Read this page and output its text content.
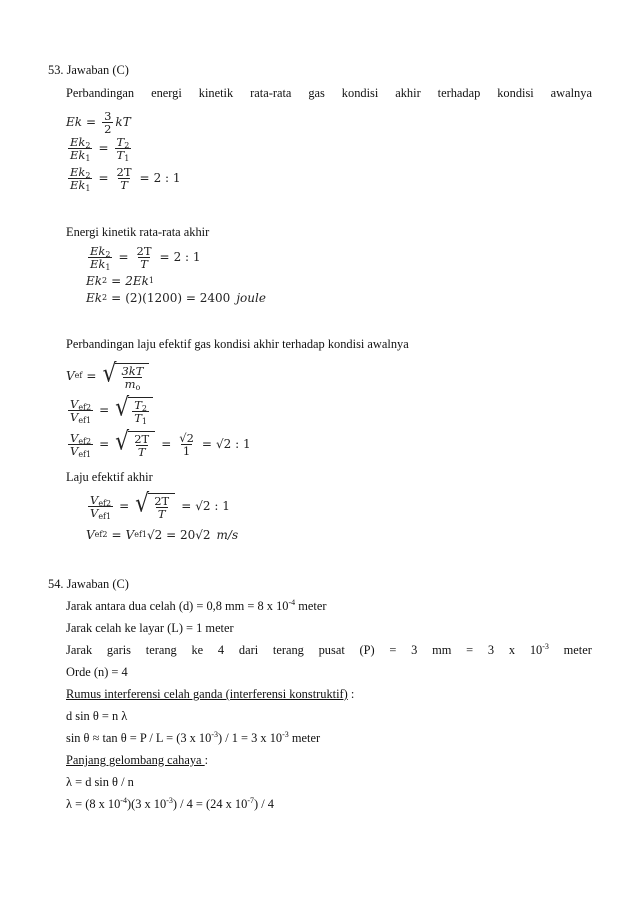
53. Jawaban (C)
Perbandingan energi kinetik rata-rata gas kondisi akhir terhadap kondisi awalnya
$Ek = \frac{3}{2}$ kT
$\frac{Ek_2}{Ek_1} = \frac{T_2}{T_1}$
$\frac{Ek_2}{Ek_1} = \frac{2T}{T} = 2$ : 1
Energi kinetik rata-rata akhir
$\frac{Ek_2}{Ek_1} = \frac{2T}{T} = 2$ : 1
Ek 2 = 2Ek 1
Ek 2 = (2)(1200) = 2400 joule
Perbandingan laju efektif gas kondisi akhir terhadap kondisi awalnya
V ef = √ $\frac{3kT}{m_o}$
$\frac{V_{ef2}}{V_{ef1}}$ = √ $\frac{T_2}{T_1}$
$\frac{V_{ef2}}{V_{ef1}}$ = √ $\frac{2T}{T} = \frac{√2}{1} = √2$ : 1
Laju efektif akhir
$\frac{V_{ef2}}{V_{ef1}}$ = √ $\frac{2T}{T} = √2$ : 1
V ef2 = V ef1 √2 = 20√2 m/s
54. Jawaban (C)
Jarak antara dua celah (d) = 0,8 mm = 8 x $10^{-4}$ meter
Jarak celah ke layar (L) = 1 meter
Jarak garis terang ke 4 dari terang pusat (P) = 3 mm = 3 x $10^{-3}$ meter
Orde (n) = 4
Rumus interferensi celah ganda (interferensi konstruktif) :
d sin θ = n λ
sin θ ≈ tan θ = P / L = (3 x $10^{-3}) / 1 = 3$ x $10^{-3}$ meter
Panjang gelombang cahaya :
λ = d sin θ / n
λ = (8 x $10^{-4})(3$ x $10^{-3}) / 4 = (24$ x $10^{-7}) / 4$
